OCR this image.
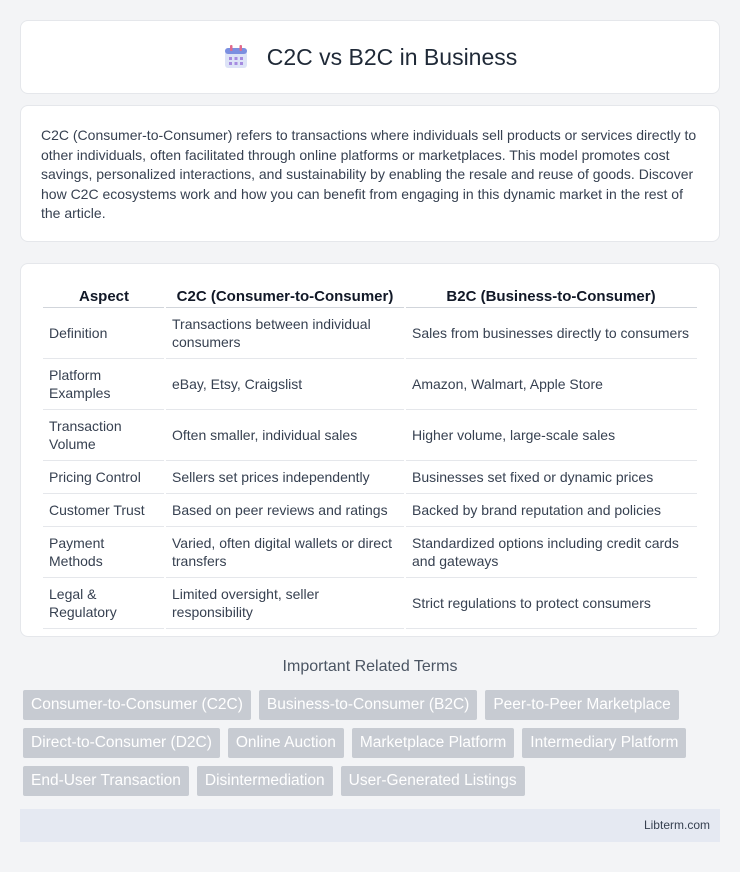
C2C vs B2C in Business

C2C (Consumer-to-Consumer) refers to transactions where individuals sell products or services directly to other individuals, often facilitated through online platforms or marketplaces. This model promotes cost savings, personalized interactions, and sustainability by enabling the resale and reuse of goods. Discover how C2C ecosystems work and how you can benefit from engaging in this dynamic market in the rest of the article.

Aspect	C2C (Consumer-to-Consumer)	B2C (Business-to-Consumer)
Definition	Transactions between individual consumers	Sales from businesses directly to consumers
Platform Examples	eBay, Etsy, Craigslist	Amazon, Walmart, Apple Store
Transaction Volume	Often smaller, individual sales	Higher volume, large-scale sales
Pricing Control	Sellers set prices independently	Businesses set fixed or dynamic prices
Customer Trust	Based on peer reviews and ratings	Backed by brand reputation and policies
Payment Methods	Varied, often digital wallets or direct transfers	Standardized options including credit cards and gateways
Legal & Regulatory	Limited oversight, seller responsibility	Strict regulations to protect consumers
Important Related Terms
Consumer-to-Consumer (C2C)	Business-to-Consumer (B2C)	Peer-to-Peer Marketplace
Direct-to-Consumer (D2C)	Online Auction	Marketplace Platform	Intermediary Platform
End-User Transaction	Disintermediation	User-Generated Listings
Libterm.com
